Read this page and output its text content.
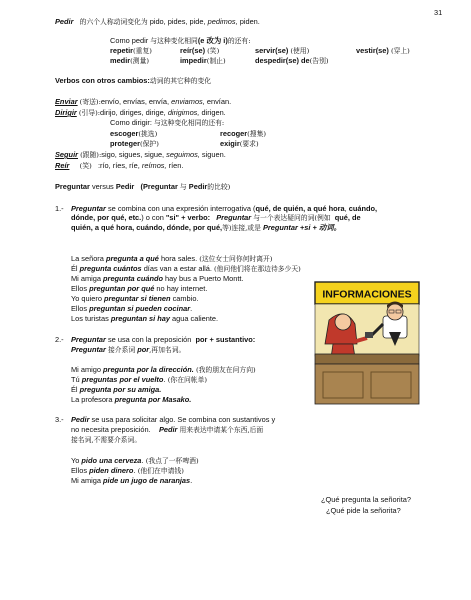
31
Pedir 的六个人称动词变化为 pido, pides, pide, pedimos, piden.
Como pedir 与这种变化相同(e 改为 i)的还有:
repetir(重复)	reír(se) (笑)	servir(se) (使用)	vestir(se) (穿上)
medir(测量)	impedir(制止)	despedir(se) de(告别)
Verbos con otros cambios:动词的其它种的变化
Enviar (寄送):envío, envías, envía, enviamos, envían.
Dirigir (引导):dirijo, diriges, dirige, dirigimos, dirigen.
Como dirigir: 与这种变化相同的还有:
escoger(挑选)	recoger(搜集)
proteger(保护)	exigir(要求)
Seguir (跟随):sigo, sigues, sigue, seguimos, siguen.
Reír (笑) :río, ríes, ríe, reímos, ríen.
Preguntar versus Pedir (Preguntar 与 Pedir的比较)
1.- Preguntar se combina con una expresión interrogativa (qué, de quién, a qué hora, cuándo,
dónde, por qué, etc.) o con "si" + verbo: Preguntar 与一个表达疑问的词(例如 qué, de
quién, a qué hora, cuándo, dónde, por qué,等)连接,或是 Preguntar +si + 动词。
La señora pregunta a qué hora sales. (这位女士问你何时离开)
Él pregunta cuántos días van a estar allá. (他问他们将在那边待多少天)
Mi amiga pregunta cuándo hay bus a Puerto Montt.
Ellos preguntan por qué no hay internet.
Yo quiero preguntar si tienen cambio.
Ellos preguntan si pueden cocinar.
Los turistas preguntan si hay agua caliente.
2.- Preguntar se usa con la preposición por + sustantivo:
Preguntar 接介系词 por,再加名词。
Mi amigo pregunta por la dirección. (我的朋友在问方向)
Tú preguntas por el vuelto. (你在问帐单)
Él pregunta por su amiga.
La profesora pregunta por Masako.
3.- Pedir se usa para solicitar algo. Se combina con sustantivos y
no necesita preposición. Pedir 用来表达申请某个东西,后面
接名词,不需要介系词。
Yo pido una cerveza. (我点了一杯啤酒)
Ellos piden dinero. (他们在申请钱)
Mi amiga pide un jugo de naranjas.
INFORMACIONES
¿Qué pregunta la señorita?
¿Qué pide la señorita?
